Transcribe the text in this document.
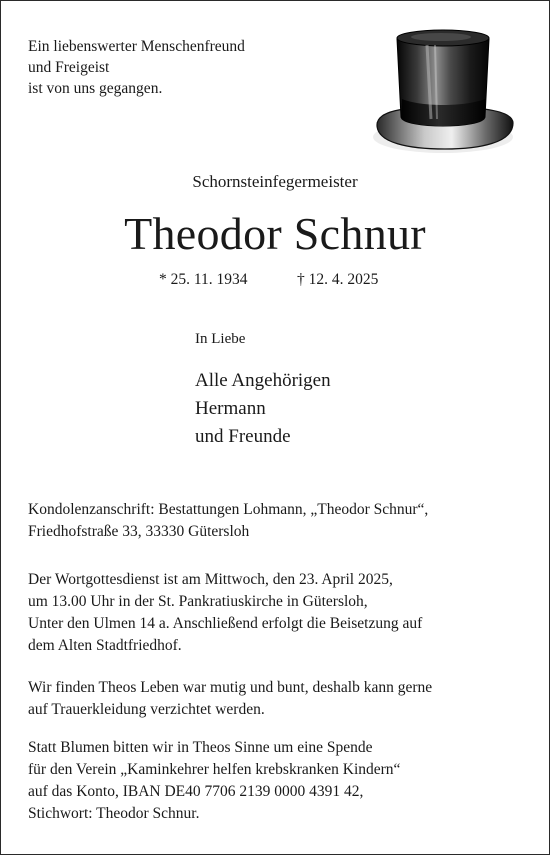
Ein liebenswerter Menschenfreund
und Freigeist
ist von uns gegangen.
Schornsteinfegermeister
Theodor Schnur
* 25. 11. 1934	† 12. 4. 2025
In Liebe
Alle Angehörigen
Hermann
und Freunde
Kondolenzanschrift: Bestattungen Lohmann, „Theodor Schnur“,
Friedhofstraße 33, 33330 Gütersloh
Der Wortgottesdienst ist am Mittwoch, den 23. April 2025,
um 13.00 Uhr in der St. Pankratiuskirche in Gütersloh,
Unter den Ulmen 14 a. Anschließend erfolgt die Beisetzung auf
dem Alten Stadtfriedhof.
Wir finden Theos Leben war mutig und bunt, deshalb kann gerne
auf Trauerkleidung verzichtet werden.
Statt Blumen bitten wir in Theos Sinne um eine Spende
für den Verein „Kaminkehrer helfen krebskranken Kindern“
auf das Konto, IBAN DE40 7706 2139 0000 4391 42,
Stichwort: Theodor Schnur.
